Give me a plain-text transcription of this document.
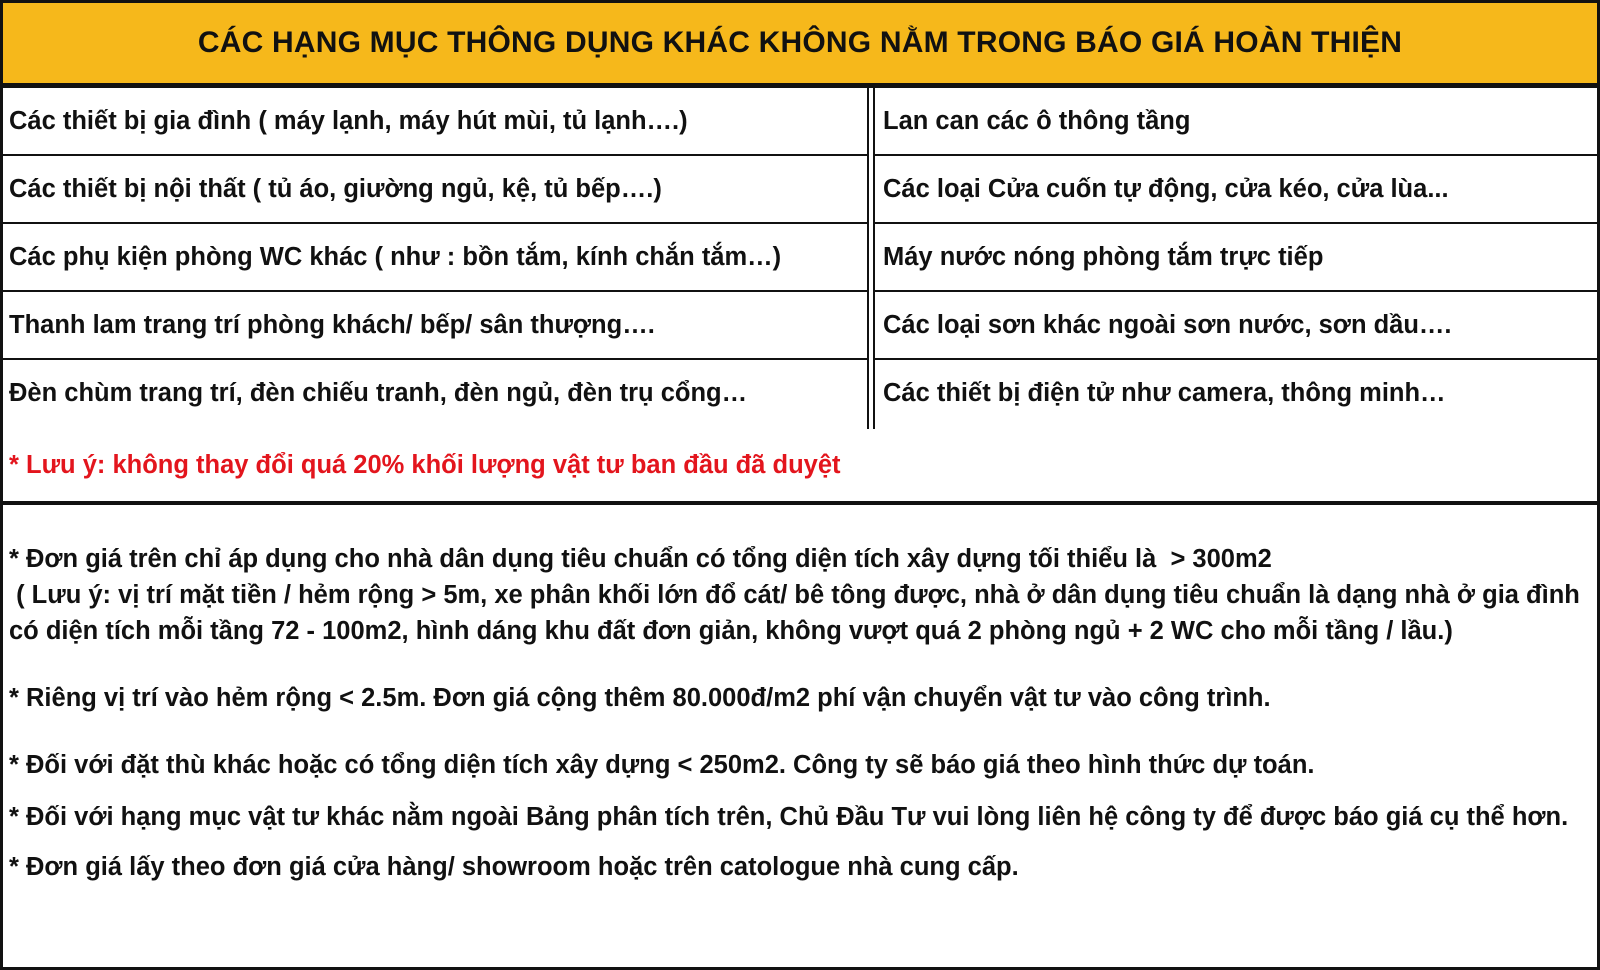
CÁC HẠNG MỤC THÔNG DỤNG KHÁC KHÔNG NẰM TRONG BÁO GIÁ HOÀN THIỆN
Các thiết bị gia đình ( máy lạnh, máy hút mùi, tủ lạnh….)	Lan can các ô thông tầng
Các thiết bị nội thất ( tủ áo, giường ngủ, kệ, tủ bếp….)	Các loại Cửa cuốn tự động, cửa kéo, cửa lùa...
Các phụ kiện phòng WC khác ( như : bồn tắm, kính chắn tắm…)	Máy nước nóng phòng tắm trực tiếp
Thanh lam trang trí phòng khách/ bếp/ sân thượng….	Các loại sơn khác ngoài sơn nước, sơn dầu….
Đèn chùm trang trí, đèn chiếu tranh, đèn ngủ, đèn trụ cổng…	Các thiết bị điện tử như camera, thông minh…
* Lưu ý: không thay đổi quá 20% khối lượng vật tư ban đầu đã duyệt

* Đơn giá trên chỉ áp dụng cho nhà dân dụng tiêu chuẩn có tổng diện tích xây dựng tối thiểu là  > 300m2
( Lưu ý: vị trí mặt tiền / hẻm rộng > 5m, xe phân khối lớn đổ cát/ bê tông được, nhà ở dân dụng tiêu chuẩn là dạng nhà ở gia đình có diện tích mỗi tầng 72 - 100m2, hình dáng khu đất đơn giản, không vượt quá 2 phòng ngủ + 2 WC cho mỗi tầng / lầu.)

* Riêng vị trí vào hẻm rộng < 2.5m. Đơn giá cộng thêm 80.000đ/m2 phí vận chuyển vật tư vào công trình.

* Đối với đặt thù khác hoặc có tổng diện tích xây dựng < 250m2. Công ty sẽ báo giá theo hình thức dự toán.

* Đối với hạng mục vật tư khác nằm ngoài Bảng phân tích trên, Chủ Đầu Tư vui lòng liên hệ công ty để được báo giá cụ thể hơn.

* Đơn giá lấy theo đơn giá cửa hàng/ showroom hoặc trên catologue nhà cung cấp.
